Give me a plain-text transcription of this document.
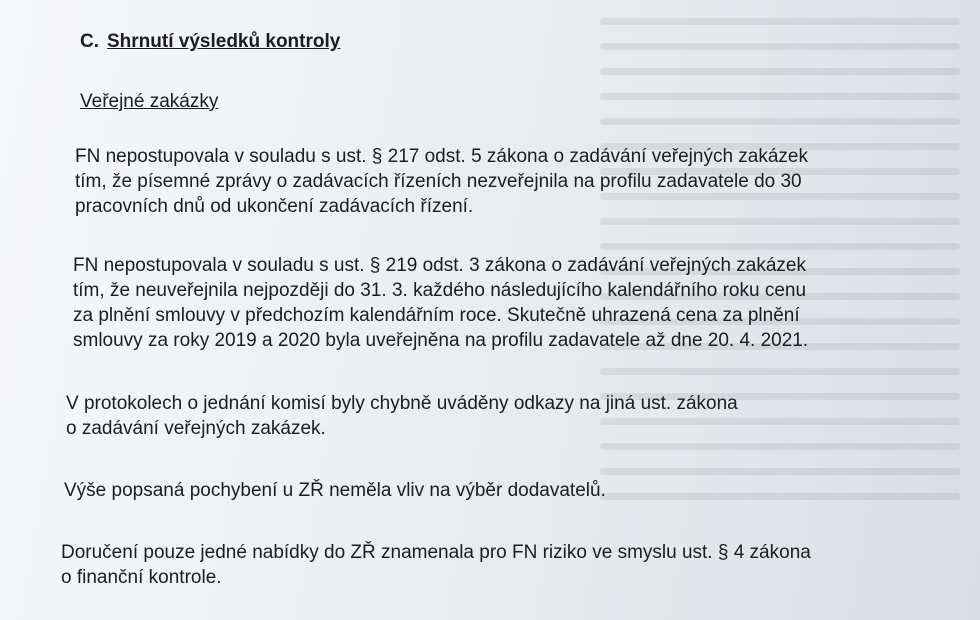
C. Shrnutí výsledků kontroly
Veřejné zakázky
FN nepostupovala v souladu s ust. § 217 odst. 5 zákona o zadávání veřejných zakázek
tím, že písemné zprávy o zadávacích řízeních nezveřejnila na profilu zadavatele do 30
pracovních dnů od ukončení zadávacích řízení.
FN nepostupovala v souladu s ust. § 219 odst. 3 zákona o zadávání veřejných zakázek
tím, že neuveřejnila nejpozději do 31. 3. každého následujícího kalendářního roku cenu
za plnění smlouvy v předchozím kalendářním roce. Skutečně uhrazená cena za plnění
smlouvy za roky 2019 a 2020 byla uveřejněna na profilu zadavatele až dne 20. 4. 2021.
V protokolech o jednání komisí byly chybně uváděny odkazy na jiná ust. zákona
o zadávání veřejných zakázek.
Výše popsaná pochybení u ZŘ neměla vliv na výběr dodavatelů.
Doručení pouze jedné nabídky do ZŘ znamenala pro FN riziko ve smyslu ust. § 4 zákona
o finanční kontrole.
